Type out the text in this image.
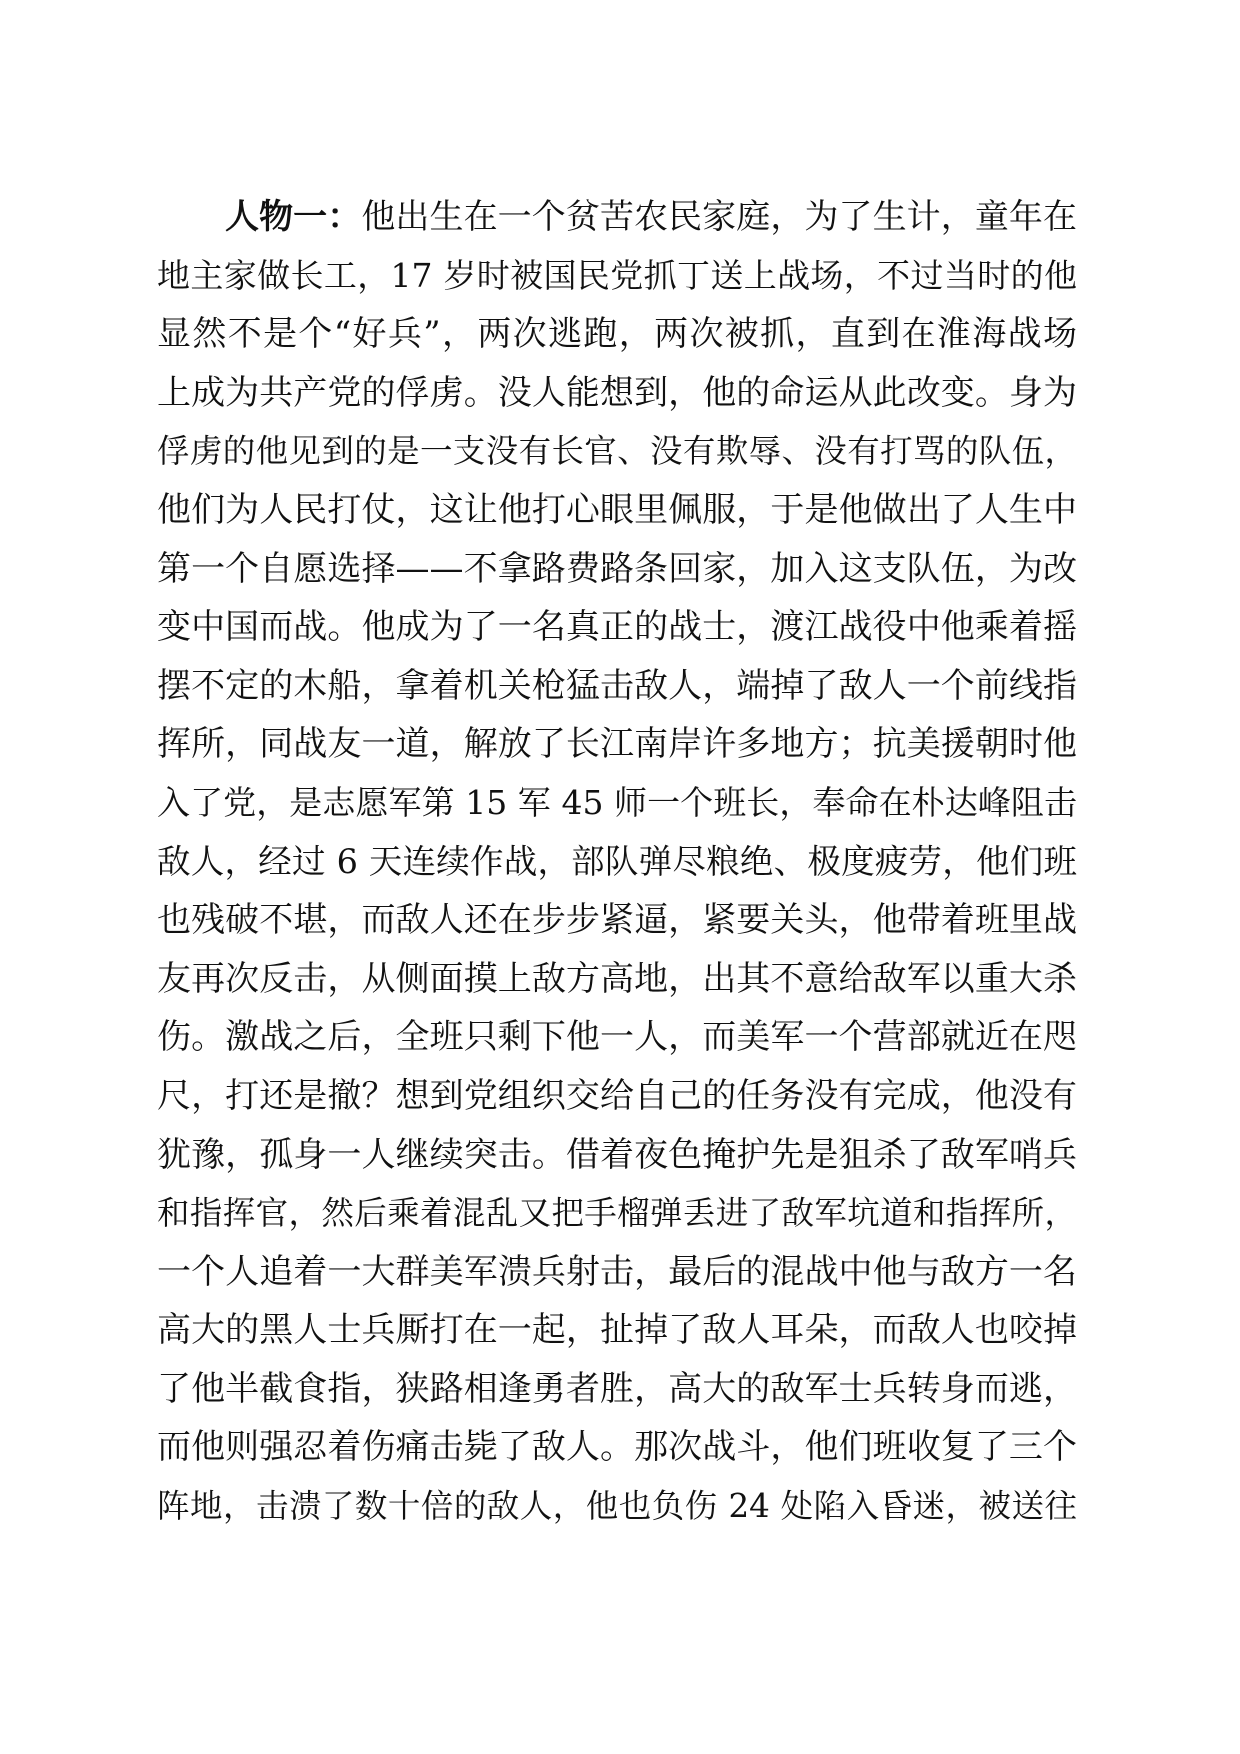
人物一：他出生在一个贫苦农民家庭，为了生计，童年在
地主家做长工，17 岁时被国民党抓丁送上战场，不过当时的他
显然不是个“好兵”，两次逃跑，两次被抓，直到在淮海战场
上成为共产党的俘虏。没人能想到，他的命运从此改变。身为
俘虏的他见到的是一支没有长官、没有欺辱、没有打骂的队伍，
他们为人民打仗，这让他打心眼里佩服，于是他做出了人生中
第一个自愿选择——不拿路费路条回家，加入这支队伍，为改
变中国而战。他成为了一名真正的战士，渡江战役中他乘着摇
摆不定的木船，拿着机关枪猛击敌人，端掉了敌人一个前线指
挥所，同战友一道，解放了长江南岸许多地方；抗美援朝时他
入了党，是志愿军第 15 军 45 师一个班长，奉命在朴达峰阻击
敌人，经过 6 天连续作战，部队弹尽粮绝、极度疲劳，他们班
也残破不堪，而敌人还在步步紧逼，紧要关头，他带着班里战
友再次反击，从侧面摸上敌方高地，出其不意给敌军以重大杀
伤。激战之后，全班只剩下他一人，而美军一个营部就近在咫
尺，打还是撤？想到党组织交给自己的任务没有完成，他没有
犹豫，孤身一人继续突击。借着夜色掩护先是狙杀了敌军哨兵
和指挥官，然后乘着混乱又把手榴弹丢进了敌军坑道和指挥所，
一个人追着一大群美军溃兵射击，最后的混战中他与敌方一名
高大的黑人士兵厮打在一起，扯掉了敌人耳朵，而敌人也咬掉
了他半截食指，狭路相逢勇者胜，高大的敌军士兵转身而逃，
而他则强忍着伤痛击毙了敌人。那次战斗，他们班收复了三个
阵地，击溃了数十倍的敌人，他也负伤 24 处陷入昏迷，被送往
